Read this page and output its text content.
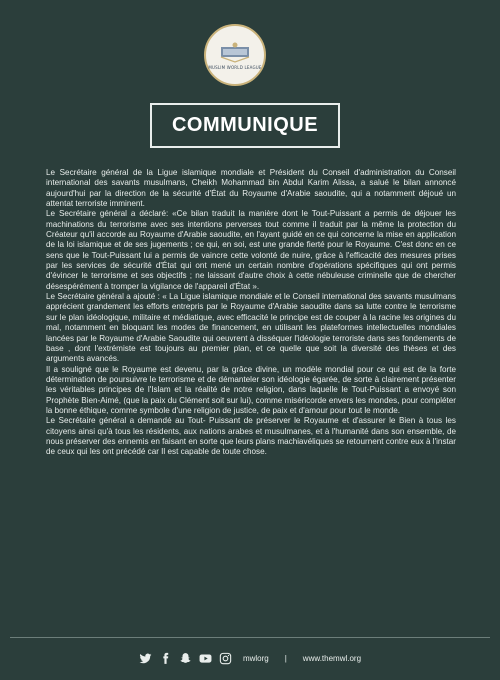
MUSLIM WORLD LEAGUE
COMMUNIQUE

Le Secrétaire général de la Ligue islamique mondiale et Président du Conseil d'administration du Conseil international des savants musulmans, Cheikh Mohammad bin Abdul Karim Alissa, a salué le bilan annoncé aujourd'hui par la direction de la sécurité d'État du Royaume d'Arabie saoudite, qui a notamment déjoué un attentat terroriste imminent.

Le Secrétaire général a déclaré: «Ce bilan traduit la manière dont le Tout-Puissant a permis de déjouer les machinations du terrorisme avec ses intentions perverses tout comme il traduit par la même la protection du Créateur qu'il accorde au Royaume d'Arabie saoudite, en l'ayant guidé en ce qui concerne la mise en application de la loi islamique et de ses jugements ; ce qui, en soi, est une grande fierté pour le Royaume. C'est donc en ce sens que le Tout-Puissant lui a permis de vaincre cette volonté de nuire, grâce à l'efficacité des mesures prises par les services de sécurité d'État qui ont mené un certain nombre d'opérations spécifiques qui ont permis d'évincer le terrorisme et ses objectifs ; ne laissant d'autre choix à cette nébuleuse criminelle que de chercher désespérément à tromper la vigilance de l'appareil d'État ».

Le Secrétaire général a ajouté : « La Ligue islamique mondiale et le Conseil international des savants musulmans apprécient grandement les efforts entrepris par le Royaume d'Arabie saoudite dans sa lutte contre le terrorisme sur le plan idéologique, militaire et médiatique, avec efficacité le principe est de couper à la racine les origines du mal, notamment en bloquant les modes de financement, en utilisant les plateformes intellectuelles mondiales lancées par le Royaume d'Arabie Saoudite qui oeuvrent à disséquer l'idéologie terroriste dans ses fondements de base , dont l'extrémiste est toujours au premier plan, et ce quelle que soit la diversité des thèses et des arguments avancés.

Il a souligné que le Royaume est devenu, par la grâce divine, un modèle mondial pour ce qui est de la forte détermination de poursuivre le terrorisme et de démanteler son idéologie égarée, de sorte à clairement présenter les véritables principes de l'Islam et la réalité de notre religion, dans laquelle le Tout-Puissant a envoyé son Prophète Bien-Aimé, (que la paix du Clément soit sur lui), comme miséricorde envers les mondes, pour compléter la bonne éthique, comme symbole d'une religion de justice, de paix et d'amour pour tout le monde.

Le Secrétaire général a demandé au Tout- Puissant de préserver le Royaume et d'assurer le Bien à tous les citoyens ainsi qu'à tous les résidents, aux nations arabes et musulmanes, et à l'humanité dans son ensemble, de nous préserver des ennemis en faisant en sorte que leurs plans machiavéliques se retournent contre eux à l'instar de ceux qui les ont précédé car Il est capable de toute chose.

mwlorg | www.themwl.org
